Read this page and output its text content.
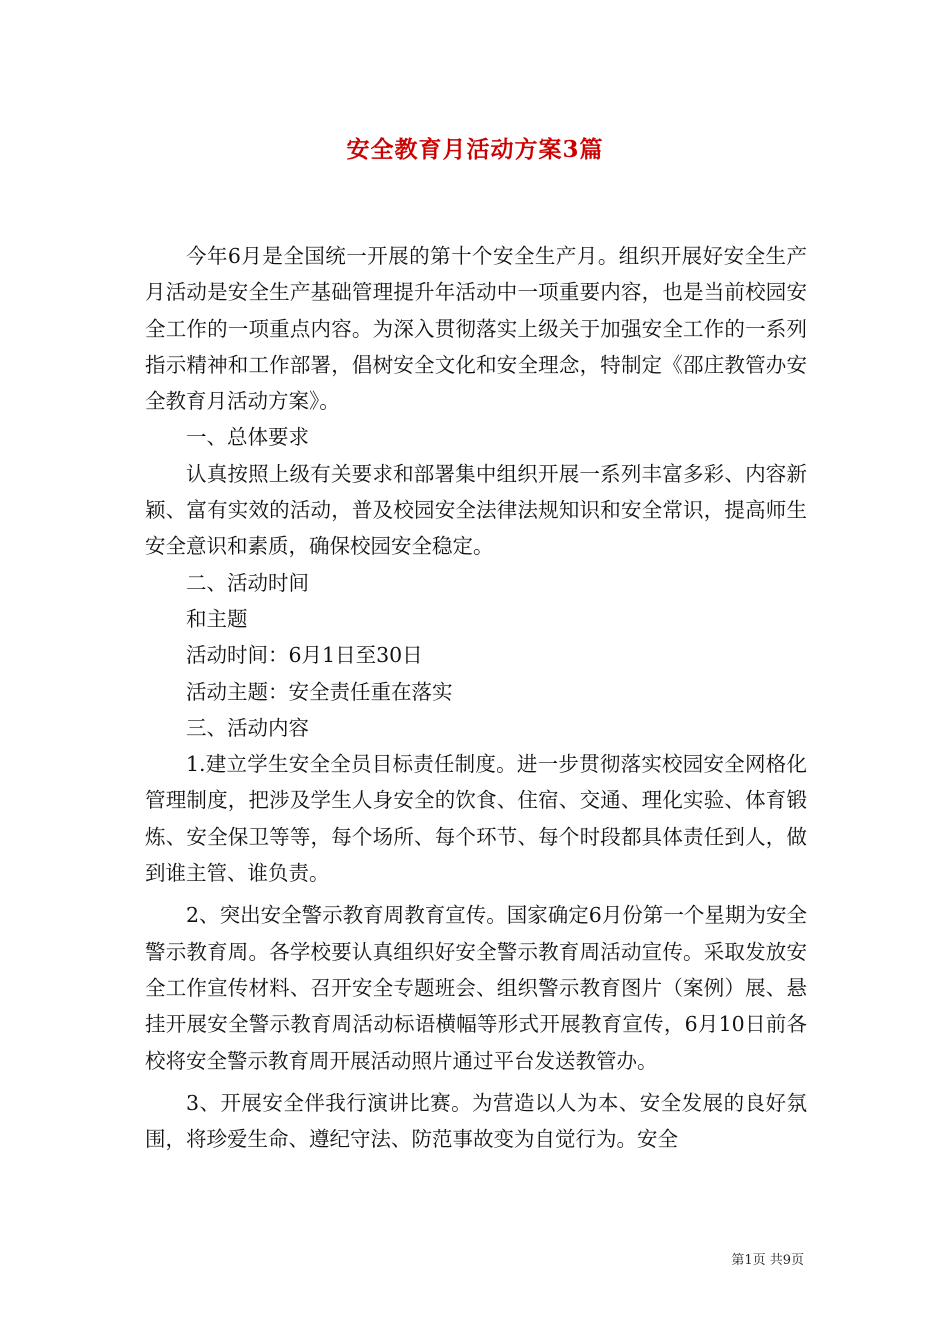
安全教育月活动方案3篇

今年6月是全国统一开展的第十个安全生产月。组织开展好安全生产月活动是安全生产基础管理提升年活动中一项重要内容，也是当前校园安全工作的一项重点内容。为深入贯彻落实上级关于加强安全工作的一系列指示精神和工作部署，倡树安全文化和安全理念，特制定《邵庄教管办安全教育月活动方案》。

一、总体要求

认真按照上级有关要求和部署集中组织开展一系列丰富多彩、内容新颖、富有实效的活动，普及校园安全法律法规知识和安全常识，提高师生安全意识和素质，确保校园安全稳定。

二、活动时间

和主题

活动时间：6月1日至30日

活动主题：安全责任重在落实

三、活动内容

1.建立学生安全全员目标责任制度。进一步贯彻落实校园安全网格化管理制度，把涉及学生人身安全的饮食、住宿、交通、理化实验、体育锻炼、安全保卫等等，每个场所、每个环节、每个时段都具体责任到人，做到谁主管、谁负责。

2、突出安全警示教育周教育宣传。国家确定6月份第一个星期为安全警示教育周。各学校要认真组织好安全警示教育周活动宣传。采取发放安全工作宣传材料、召开安全专题班会、组织警示教育图片（案例）展、悬挂开展安全警示教育周活动标语横幅等形式开展教育宣传，6月10日前各校将安全警示教育周开展活动照片通过平台发送教管办。

3、开展安全伴我行演讲比赛。为营造以人为本、安全发展的良好氛围，将珍爱生命、遵纪守法、防范事故变为自觉行为。安全

第1页 共9页
